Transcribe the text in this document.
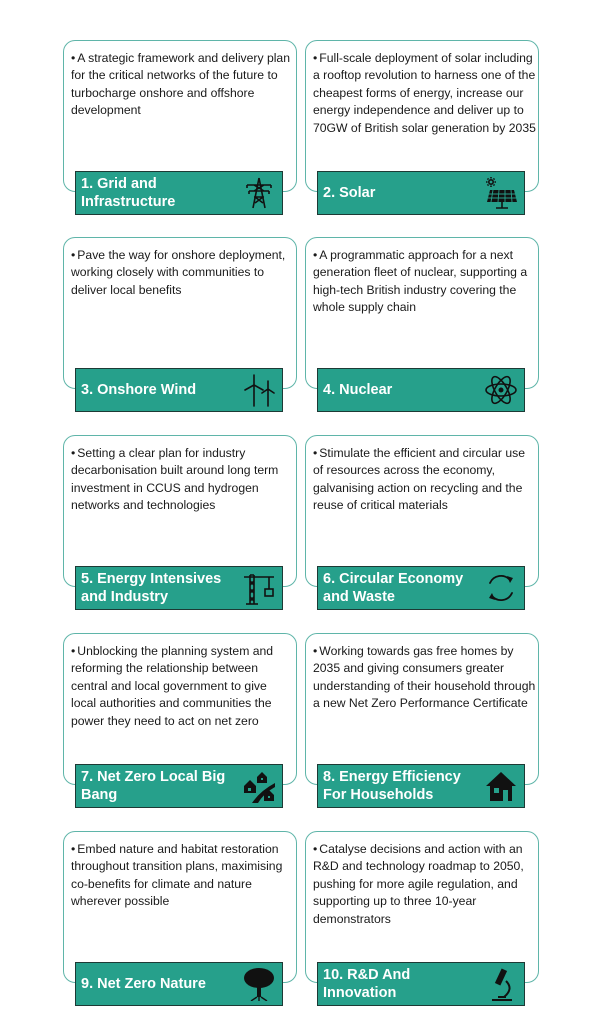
• A strategic framework and delivery plan for the critical networks of the future to turbocharge onshore and offshore development
1. Grid and Infrastructure
• Full-scale deployment of solar including a rooftop revolution to harness one of the cheapest forms of energy, increase our energy independence and deliver up to 70GW of British solar generation by 2035
2. Solar
• Pave the way for onshore deployment, working closely with communities to deliver local benefits
3. Onshore Wind
• A programmatic approach for a next generation fleet of nuclear, supporting a high-tech British industry covering the whole supply chain
4. Nuclear
• Setting a clear plan for industry decarbonisation built around long term investment in CCUS and hydrogen networks and technologies
5. Energy Intensives and Industry
• Stimulate the efficient and circular use of resources across the economy, galvanising action on recycling and the reuse of critical materials
6. Circular Economy and Waste
• Unblocking the planning system and reforming the relationship between central and local government to give local authorities and communities the power they need to act on net zero
7. Net Zero Local Big Bang
• Working towards gas free homes by 2035 and giving consumers greater understanding of their household through a new Net Zero Performance Certificate
8. Energy Efficiency For Households
• Embed nature and habitat restoration throughout transition plans, maximising co-benefits for climate and nature wherever possible
9. Net Zero Nature
• Catalyse decisions and action with an R&D and technology roadmap to 2050, pushing for more agile regulation, and supporting up to three 10-year demonstrators
10. R&D And Innovation
